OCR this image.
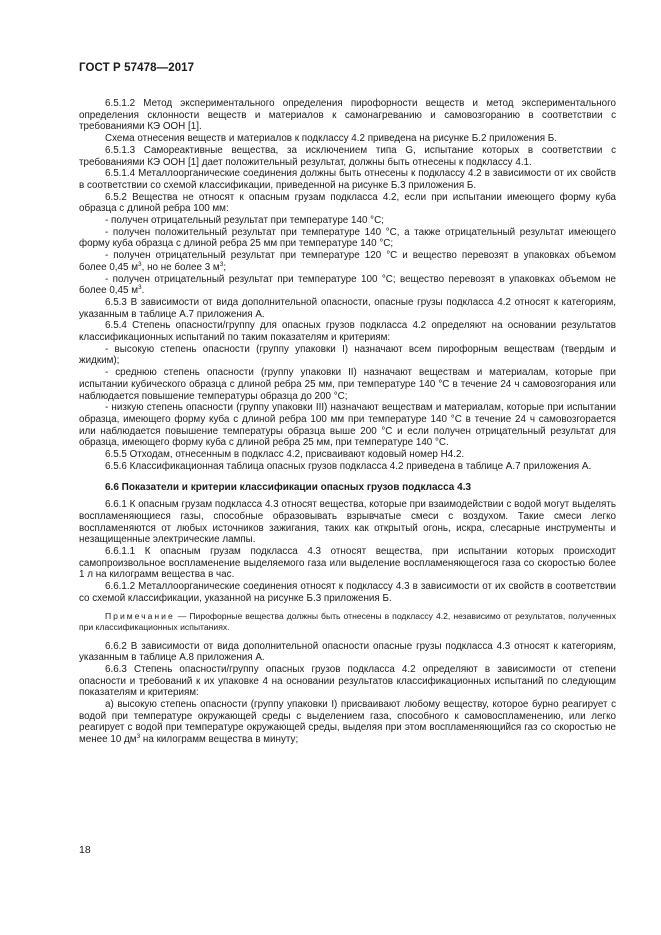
ГОСТ Р 57478—2017

6.5.1.2 Метод экспериментального определения пирофорности веществ и метод экспериментального определения склонности веществ и материалов к самонагреванию и самовозгоранию в соответствии с требованиями КЭ ООН [1].

Схема отнесения веществ и материалов к подклассу 4.2 приведена на рисунке Б.2 приложения Б.

6.5.1.3 Самореактивные вещества, за исключением типа G, испытание которых в соответствии с требованиями КЭ ООН [1] дает положительный результат, должны быть отнесены к подклассу 4.1.

6.5.1.4 Металлоорганические соединения должны быть отнесены к подклассу 4.2 в зависимости от их свойств в соответствии со схемой классификации, приведенной на рисунке Б.3 приложения Б.

6.5.2 Вещества не относят к опасным грузам подкласса 4.2, если при испытании имеющего форму куба образца с длиной ребра 100 мм:

- получен отрицательный результат при температуре 140 °С;

- получен положительный результат при температуре 140 °С, а также отрицательный результат имеющего форму куба образца с длиной ребра 25 мм при температуре 140 °С;

- получен отрицательный результат при температуре 120 °С и вещество перевозят в упаковках объемом более 0,45 $м^3$, но не более 3 $м^3$;

- получен отрицательный результат при температуре 100 °С; вещество перевозят в упаковках объемом не более 0,45 $м^3$.

6.5.3 В зависимости от вида дополнительной опасности, опасные грузы подкласса 4.2 относят к категориям, указанным в таблице А.7 приложения А.

6.5.4 Степень опасности/группу для опасных грузов подкласса 4.2 определяют на основании результатов классификационных испытаний по таким показателям и критериям:

- высокую степень опасности (группу упаковки I) назначают всем пирофорным веществам (твердым и жидким);

- среднюю степень опасности (группу упаковки II) назначают веществам и материалам, которые при испытании кубического образца с длиной ребра 25 мм, при температуре 140 °С в течение 24 ч самовозгорания или наблюдается повышение температуры образца до 200 °С;

- низкую степень опасности (группу упаковки III) назначают веществам и материалам, которые при испытании образца, имеющего форму куба с длиной ребра 100 мм при температуре 140 °С в течение 24 ч самовозгорается или наблюдается повышение температуры образца выше 200 °С и если получен отрицательный результат для образца, имеющего форму куба с длиной ребра 25 мм, при температуре 140 °С.

6.5.5 Отходам, отнесенным в подкласс 4.2, присваивают кодовый номер Н4.2.

6.5.6 Классификационная таблица опасных грузов подкласса 4.2 приведена в таблице А.7 приложения А.

6.6 Показатели и критерии классификации опасных грузов подкласса 4.3

6.6.1 К опасным грузам подкласса 4.3 относят вещества, которые при взаимодействии с водой могут выделять воспламеняющиеся газы, способные образовывать взрывчатые смеси с воздухом. Такие смеси легко воспламеняются от любых источников зажигания, таких как открытый огонь, искра, слесарные инструменты и незащищенные электрические лампы.

6.6.1.1 К опасным грузам подкласса 4.3 относят вещества, при испытании которых происходит самопроизвольное воспламенение выделяемого газа или выделение воспламеняющегося газа со скоростью более 1 л на килограмм вещества в час.

6.6.1.2 Металлоорганические соединения относят к подклассу 4.3 в зависимости от их свойств в соответствии со схемой классификации, указанной на рисунке Б.3 приложения Б.

Примечание — Пирофорные вещества должны быть отнесены в подклассу 4.2, независимо от результатов, полученных при классификационных испытаниях.

6.6.2 В зависимости от вида дополнительной опасности опасные грузы подкласса 4.3 относят к категориям, указанным в таблице А.8 приложения А.

6.6.3 Степень опасности/группу опасных грузов подкласса 4.2 определяют в зависимости от степени опасности и требований к их упаковке 4 на основании результатов классификационных испытаний по следующим показателям и критериям:

а) высокую степень опасности (группу упаковки I) присваивают любому веществу, которое бурно реагирует с водой при температуре окружающей среды с выделением газа, способного к самовоспламенению, или легко реагирует с водой при температуре окружающей среды, выделяя при этом воспламеняющийся газ со скоростью не менее 10 $дм^3$ на килограмм вещества в минуту;

18
